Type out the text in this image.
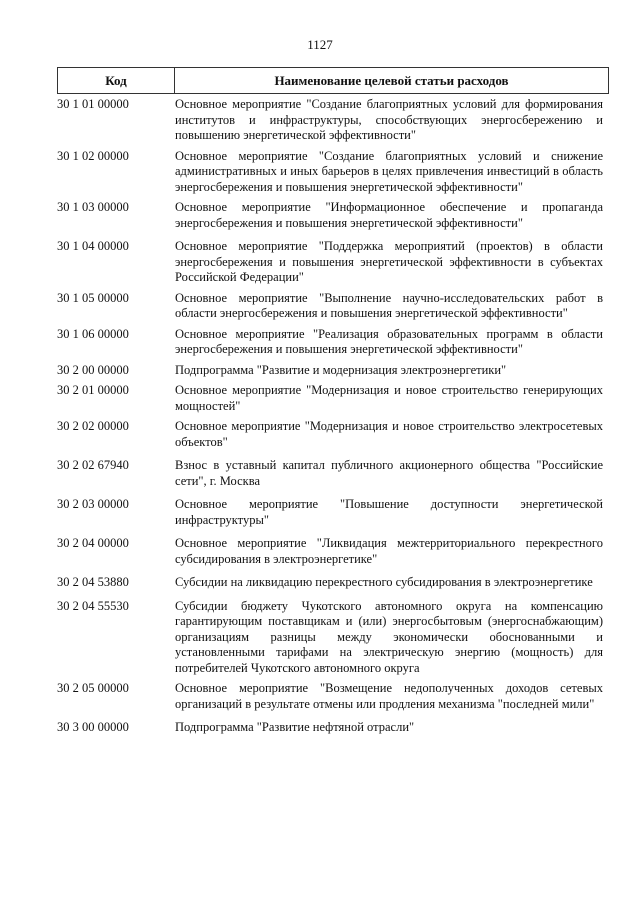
1127
Код	Наименование целевой статьи расходов
30 1 01 00000	Основное мероприятие "Создание благоприятных условий для формирования институтов и инфраструктуры, способствующих энергосбережению и повышению энергетической эффективности"
30 1 02 00000	Основное мероприятие "Создание благоприятных условий и снижение административных и иных барьеров в целях привлечения инвестиций в область энергосбережения и повышения энергетической эффективности"
30 1 03 00000	Основное мероприятие "Информационное обеспечение и пропаганда энергосбережения и повышения энергетической эффективности"
30 1 04 00000	Основное мероприятие "Поддержка мероприятий (проектов) в области энергосбережения и повышения энергетической эффективности в субъектах Российской Федерации"
30 1 05 00000	Основное мероприятие "Выполнение научно-исследовательских работ в области энергосбережения и повышения энергетической эффективности"
30 1 06 00000	Основное мероприятие "Реализация образовательных программ в области энергосбережения и повышения энергетической эффективности"
30 2 00 00000	Подпрограмма "Развитие и модернизация электроэнергетики"
30 2 01 00000	Основное мероприятие "Модернизация и новое строительство генерирующих мощностей"
30 2 02 00000	Основное мероприятие "Модернизация и новое строительство электросетевых объектов"
30 2 02 67940	Взнос в уставный капитал публичного акционерного общества "Российские сети", г. Москва
30 2 03 00000	Основное мероприятие "Повышение доступности энергетической инфраструктуры"
30 2 04 00000	Основное мероприятие "Ликвидация межтерриториального перекрестного субсидирования в электроэнергетике"
30 2 04 53880	Субсидии на ликвидацию перекрестного субсидирования в электроэнергетике
30 2 04 55530	Субсидии бюджету Чукотского автономного округа на компенсацию гарантирующим поставщикам и (или) энергосбытовым (энергоснабжающим) организациям разницы между экономически обоснованными и установленными тарифами на электрическую энергию (мощность) для потребителей Чукотского автономного округа
30 2 05 00000	Основное мероприятие "Возмещение недополученных доходов сетевых организаций в результате отмены или продления механизма "последней мили"
30 3 00 00000	Подпрограмма "Развитие нефтяной отрасли"
